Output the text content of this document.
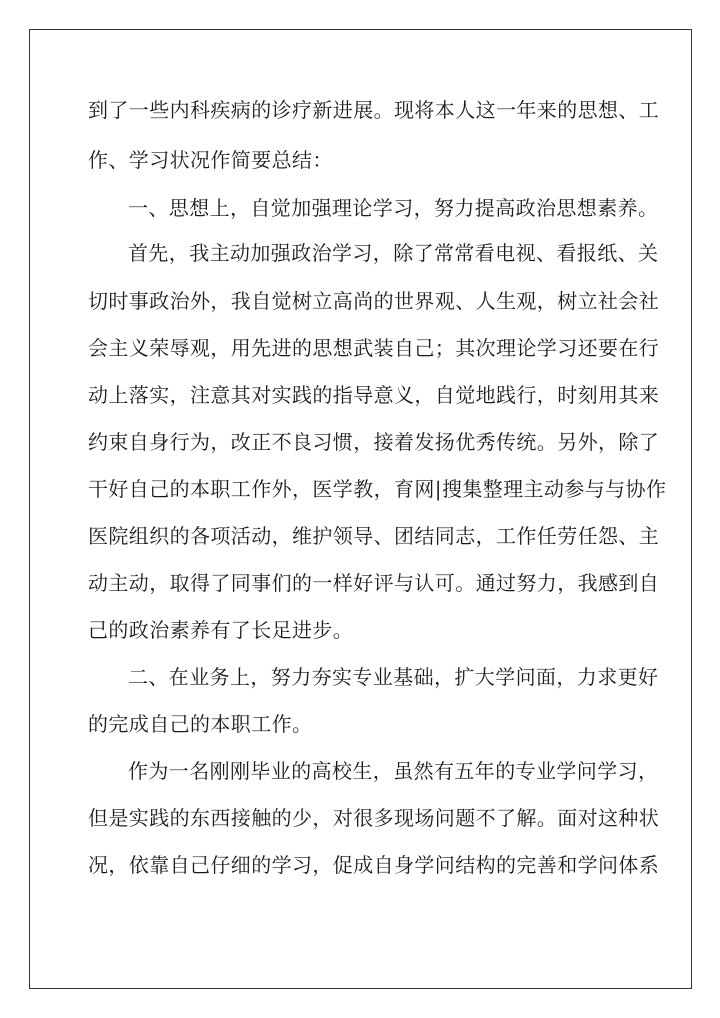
到了一些内科疾病的诊疗新进展。现将本人这一年来的思想、工
作、学习状况作简要总结：
一、思想上，自觉加强理论学习，努力提高政治思想素养。
首先，我主动加强政治学习，除了常常看电视、看报纸、关
切时事政治外，我自觉树立高尚的世界观、人生观，树立社会社
会主义荣辱观，用先进的思想武装自己；其次理论学习还要在行
动上落实，注意其对实践的指导意义，自觉地践行，时刻用其来
约束自身行为，改正不良习惯，接着发扬优秀传统。另外，除了
干好自己的本职工作外，医学教，育网|搜集整理主动参与与协作
医院组织的各项活动，维护领导、团结同志，工作任劳任怨、主
动主动，取得了同事们的一样好评与认可。通过努力，我感到自
己的政治素养有了长足进步。
二、在业务上，努力夯实专业基础，扩大学问面，力求更好
的完成自己的本职工作。
作为一名刚刚毕业的高校生，虽然有五年的专业学问学习，
但是实践的东西接触的少，对很多现场问题不了解。面对这种状
况，依靠自己仔细的学习，促成自身学问结构的完善和学问体系
